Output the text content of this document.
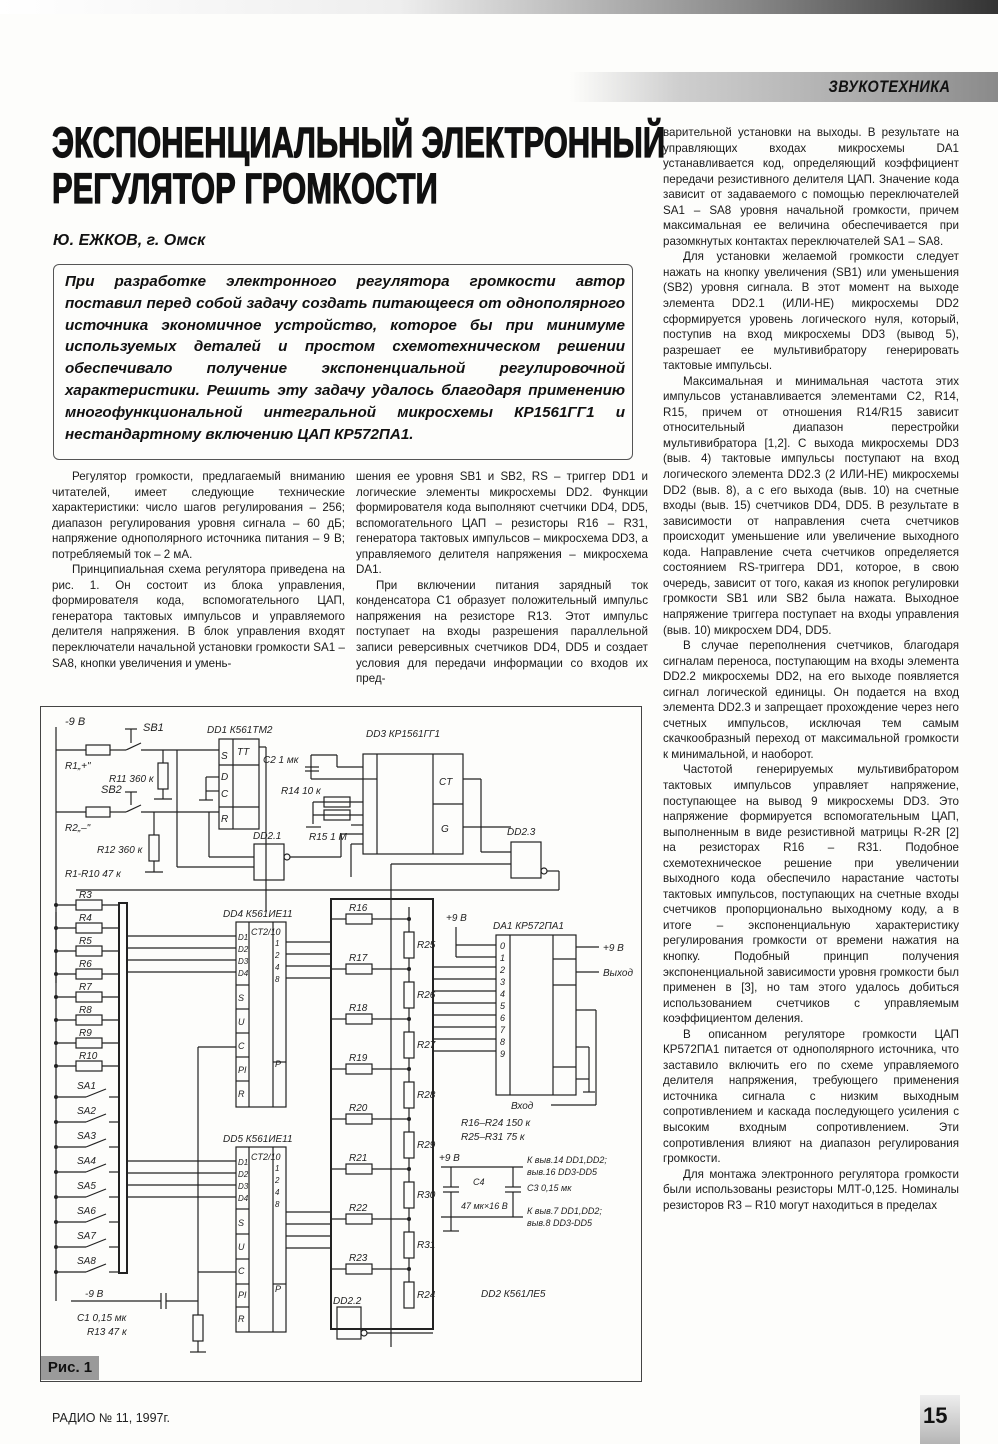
ЗВУКОТЕХНИКА
ЭКСПОНЕНЦИАЛЬНЫЙ ЭЛЕКТРОННЫЙ
РЕГУЛЯТОР ГРОМКОСТИ
Ю. ЕЖКОВ, г. Омск

При разработке электронного регулятора громкости автор поставил перед собой задачу создать питающееся от однополярного источника экономичное устройство, которое бы при минимуме используемых деталей и простом схемотехническом решении обеспечивало получение экспоненциальной регулировочной характеристики. Решить эту задачу удалось благодаря применению многофункциональной интегральной микросхемы КР1561ГГ1 и нестандартному включению ЦАП КР572ПА1.

Регулятор громкости, предлагаемый вниманию читателей, имеет следующие технические характеристики: число шагов регулирования – 256; диапазон регулирования уровня сигнала – 60 дБ; напряжение однополярного источника питания – 9 В; потребляемый ток – 2 мА.

Принципиальная схема регулятора приведена на рис. 1. Он состоит из блока управления, формирователя кода, вспомогательного ЦАП, генератора тактовых импульсов и управляемого делителя напряжения. В блок управления входят переключатели начальной установки громкости SA1 – SA8, кнопки увеличения и умень-

шения ее уровня SB1 и SB2, RS – триггер DD1 и логические элементы микросхемы DD2. Функции формирователя кода выполняют счетчики DD4, DD5, вспомогательного ЦАП – резисторы R16 – R31, генератора тактовых импульсов – микросхема DD3, а управляемого делителя напряжения – микросхема DA1.

При включении питания зарядный ток конденсатора C1 образует положительный импульс напряжения на резисторе R13. Этот импульс поступает на входы разрешения параллельной записи реверсивных счетчиков DD4, DD5 и создает условия для передачи информации со входов их пред-

варительной установки на выходы. В результате на управляющих входах микросхемы DA1 устанавливается код, определяющий коэффициент передачи резистивного делителя ЦАП. Значение кода зависит от задаваемого с помощью переключателей SA1 – SA8 уровня начальной громкости, причем максимальная ее величина обеспечивается при разомкнутых контактах переключателей SA1 – SA8.

Для установки желаемой громкости следует нажать на кнопку увеличения (SB1) или уменьшения (SB2) уровня сигнала. В этот момент на выходе элемента DD2.1 (ИЛИ-НЕ) микросхемы DD2 сформируется уровень логического нуля, который, поступив на вход микросхемы DD3 (вывод 5), разрешает ее мультивибратору генерировать тактовые импульсы.

Максимальная и минимальная частота этих импульсов устанавливается элементами C2, R14, R15, причем от отношения R14/R15 зависит относительный диапазон перестройки мультивибратора [1,2]. С выхода микросхемы DD3 (выв. 4) тактовые импульсы поступают на вход логического элемента DD2.3 (2 ИЛИ-НЕ) микросхемы DD2 (выв. 8), а с его выхода (выв. 10) на счетные входы (выв. 15) счетчиков DD4, DD5. В результате в зависимости от направления счета счетчиков происходит уменьшение или увеличение выходного кода. Направление счета счетчиков определяется состоянием RS-триггера DD1, которое, в свою очередь, зависит от того, какая из кнопок регулировки громкости SB1 или SB2 была нажата. Выходное напряжение триггера поступает на входы управления (выв. 10) микросхем DD4, DD5.

В случае переполнения счетчиков, благодаря сигналам переноса, поступающим на входы элемента DD2.2 микросхемы DD2, на его выходе появляется сигнал логической единицы. Он подается на вход элемента DD2.3 и запрещает прохождение через него счетных импульсов, исключая тем самым скачкообразный переход от максимальной громкости к минимальной, и наоборот.

Частотой генерируемых мультивибратором тактовых импульсов управляет напряжение, поступающее на вывод 9 микросхемы DD3. Это напряжение формируется вспомогательным ЦАП, выполненным в виде резистивной матрицы R-2R [2] на резисторах R16 – R31. Подобное схемотехническое решение при увеличении выходного кода обеспечило нарастание частоты тактовых импульсов, поступающих на счетные входы счетчиков пропорционально выходному коду, а в итоге – экспоненциальную характеристику регулирования громкости от времени нажатия на кнопку. Подобный принцип получения экспоненциальной зависимости уровня громкости был применен в [3], но там этого удалось добиться использованием счетчиков с управляемым коэффициентом деления.

В описанном регуляторе громкости ЦАП КР572ПА1 питается от однополярного источника, что заставило включить его по схеме управляемого делителя напряжения, требующего применения источника сигнала с низким выходным сопротивлением и каскада последующего усиления с высоким входным сопротивлением. Эти сопротивления влияют на диапазон регулирования громкости.

Для монтажа электронного регулятора громкости были использованы резисторы МЛТ-0,125. Номиналы резисторов R3 – R10 могут находиться в пределах

R3
R4
R5
R6
R7
R8
R9
R10
SA1
SA2
SA3
SA4
SA5
SA6
SA7
SA8
D1
D2
D3
D4
S
U
C
PI
R
1
2
4
8
P
D1
D2
D3
D4
S
U
C
PI
R
1
2
4
8
P
R16
R17
R18
R19
R20
R21
R22
R23
R25
R26
R27
R28
R29
R30
R31
R24
0
1
2
3
4
5
6
7
8
9
-9 В	SB1
SB2
R1„+"
R2„–"
R11 360 к
R12 360 к
R1-R10 47 к
DD1 К561ТМ2
TT
S
D
C
R
DD3 КР1561ГГ1
C2 1 мк
R14 10 к
R15 1 М
DD2.1	DD2.3
CT
G
DD4 К561ИЕ11
CT2/10
DD5 К561ИЕ11
CT2/10
DA1 КР572ПА1
+9 В
+9 В
Выход
Вход
R16–R24 150 к
R25–R31 75 к
+9 В
C4
47 мк×16 В
C3 0,15 мк
К выв.14 DD1,DD2;
выв.16 DD3-DD5
К выв.7 DD1,DD2;
выв.8 DD3-DD5
DD2 К561ЛЕ5
DD2.2
C1 0,15 мк
R13 47 к
-9 В
Рис. 1
РАДИО № 11, 1997г.	15
